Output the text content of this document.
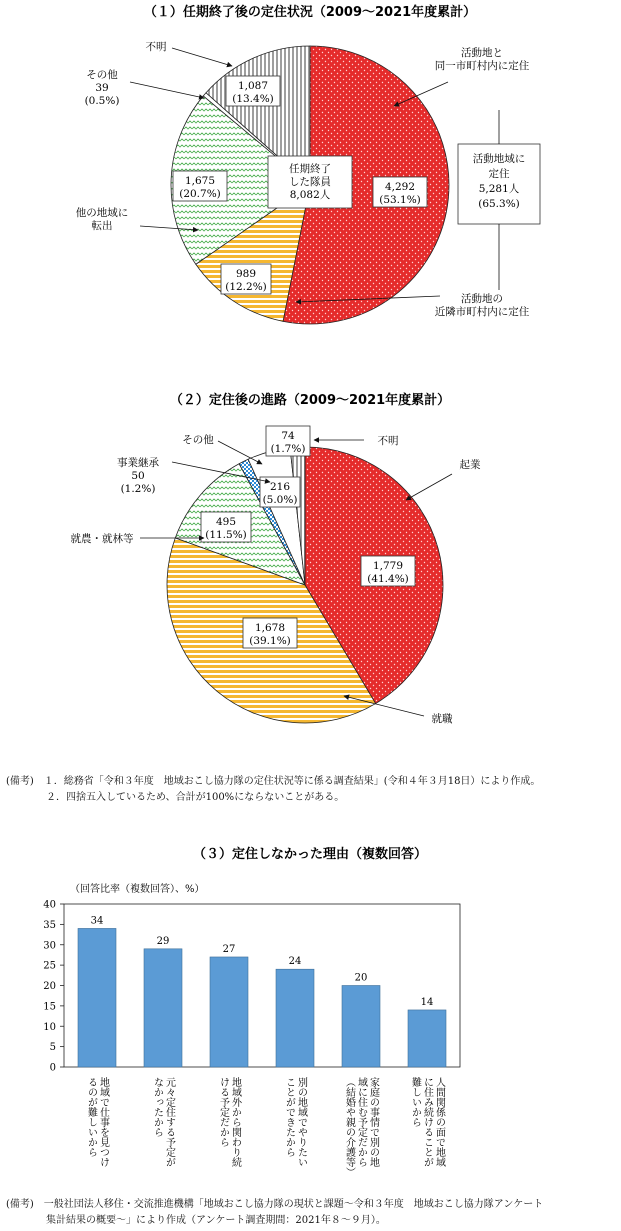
（１）任期終了後の定住状況（2009～2021年度累計）
（２）定住後の進路（2009～2021年度累計）
（３）定住しなかった理由（複数回答）
任期終了
した隊員
8,082人
4,292
(53.1%)
989
(12.2%)
1,675
(20.7%)
1,087
(13.4%)
活動地と
同一市町村内に定住
活動地の
近隣市町村内に定住
他の地域に
転出
その他
39
(0.5%)
不明
活動地域に
定住
5,281人
(65.3%)
1,779
(41.4%)
1,678
(39.1%)
495
(11.5%)
216
(5.0%)
74
(1.7%)
起業
就職
就農・就林等
事業継承
50
(1.2%)
その他	不明
（回答比率（複数回答）、%）
0
5
10
15
20
25
30
35
40
34
地域で仕事を見つけ
るのが難しいから
29
元々定住する予定が
なかったから
27
地域外から関わり続
ける予定だから
24
別の地域でやりたい
ことができたから
20
家庭の事情で別の地
域に住む予定だから
（結婚や親の介護等）
14
人間関係の面で地域
に住み続けることが
難しいから
(備考)　１．総務省「令和３年度　地域おこし協力隊の定住状況等に係る調査結果」(令和４年３月18日）により作成。
　　　　２．四捨五入しているため、合計が100%にならないことがある。
(備考)　一般社団法人移住・交流推進機構「地域おこし協力隊の現状と課題～令和３年度　地域おこし協力隊アンケート
　　　　集計結果の概要～」により作成（アンケート調査期間：2021年８～９月）。
